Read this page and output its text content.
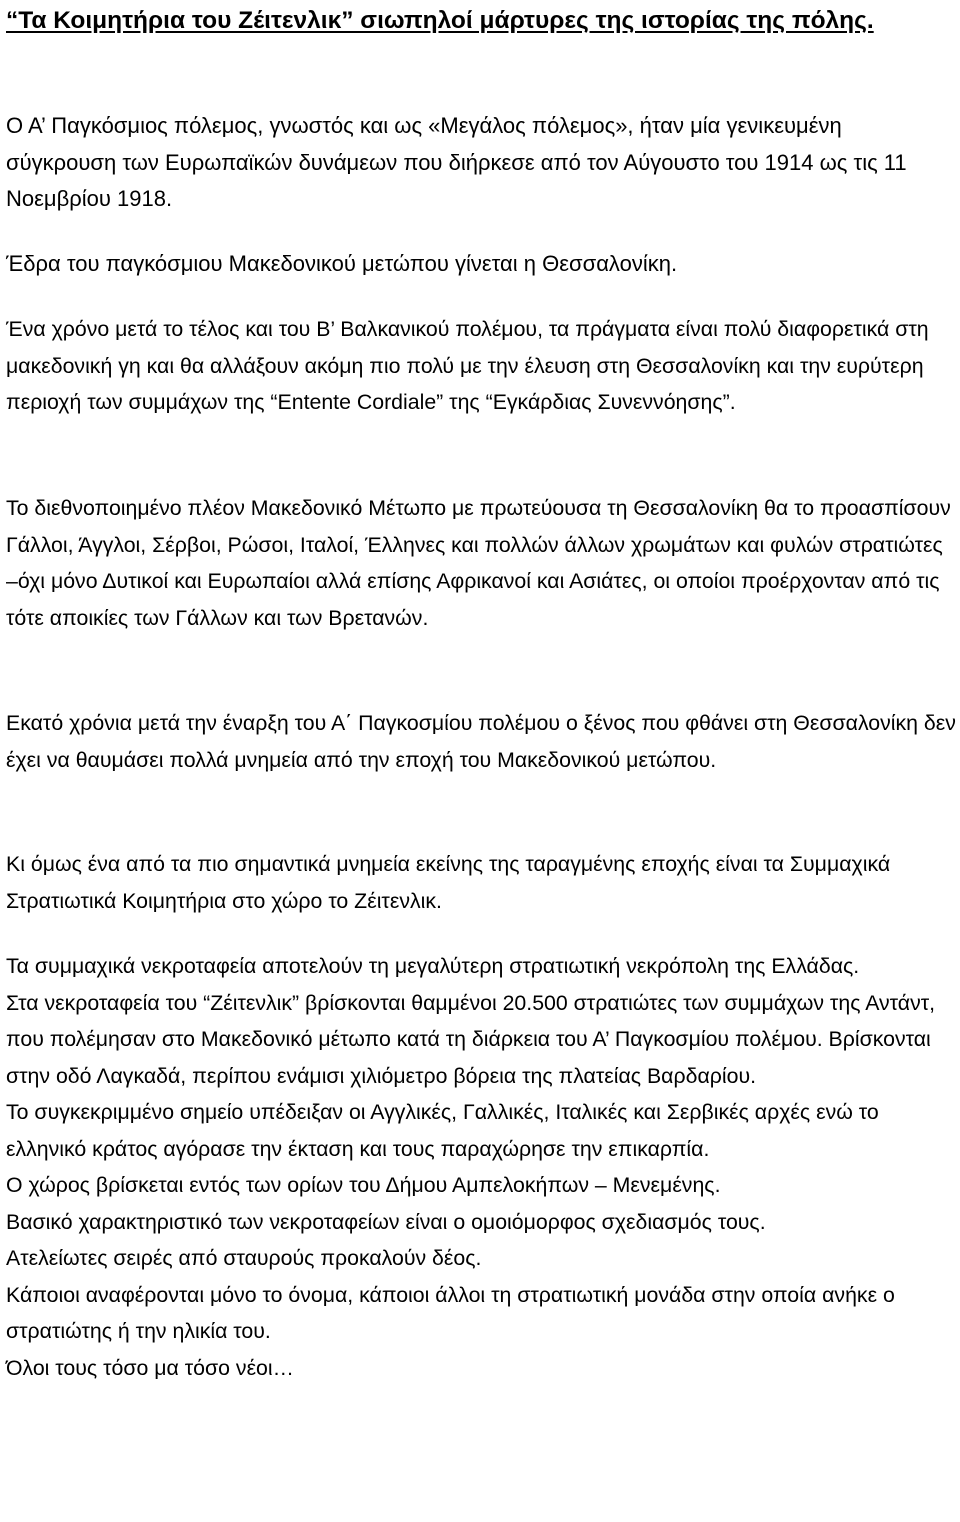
“Τα Κοιμητήρια του Ζέιτενλικ” σιωπηλοί μάρτυρες της ιστορίας της πόλης.

Ο Α’ Παγκόσμιος πόλεμος, γνωστός και ως «Μεγάλος πόλεμος», ήταν μία γενικευμένη σύγκρουση των Ευρωπαϊκών δυνάμεων που διήρκεσε από τον Αύγουστο του 1914 ως τις 11 Νοεμβρίου 1918.

Έδρα του παγκόσμιου Μακεδονικού μετώπου γίνεται η Θεσσαλονίκη.

Ένα χρόνο μετά το τέλος και του Β’ Βαλκανικού πολέμου, τα πράγματα είναι πολύ διαφορετικά στη μακεδονική γη και θα αλλάξουν ακόμη πιο πολύ με την έλευση στη Θεσσαλονίκη και την ευρύτερη περιοχή των συμμάχων της “Entente Cordiale” της “Εγκάρδιας Συνεννόησης”.

Το διεθνοποιημένο πλέον Μακεδονικό Μέτωπο με πρωτεύουσα τη Θεσσαλονίκη θα το προασπίσουν Γάλλοι, Άγγλοι, Σέρβοι, Ρώσοι, Ιταλοί, Έλληνες και πολλών άλλων χρωμάτων και φυλών στρατιώτες –όχι μόνο Δυτικοί και Ευρωπαίοι αλλά επίσης Αφρικανοί και Ασιάτες, οι οποίοι προέρχονταν από τις τότε αποικίες των Γάλλων και των Βρετανών.

Εκατό χρόνια μετά την έναρξη του Α΄ Παγκοσμίου πολέμου ο ξένος που φθάνει στη Θεσσαλονίκη δεν έχει να θαυμάσει πολλά μνημεία από την εποχή του Μακεδονικού μετώπου.

Κι όμως ένα από τα πιο σημαντικά μνημεία εκείνης της ταραγμένης εποχής είναι τα Συμμαχικά Στρατιωτικά Κοιμητήρια στο χώρο το Ζέιτενλικ.

Τα συμμαχικά νεκροταφεία αποτελούν τη μεγαλύτερη στρατιωτική νεκρόπολη της Ελλάδας.
Στα νεκροταφεία του “Ζέιτενλικ” βρίσκονται θαμμένοι 20.500 στρατιώτες των συμμάχων της Αντάντ, που πολέμησαν στο Μακεδονικό μέτωπο κατά τη διάρκεια του Α’ Παγκοσμίου πολέμου. Βρίσκονται στην οδό Λαγκαδά, περίπου ενάμισι χιλιόμετρο βόρεια της πλατείας Βαρδαρίου.
Το συγκεκριμμένο σημείο υπέδειξαν οι Αγγλικές, Γαλλικές, Ιταλικές και Σερβικές αρχές ενώ το ελληνικό κράτος αγόρασε την έκταση και τους παραχώρησε την επικαρπία.
Ο χώρος βρίσκεται εντός των ορίων του Δήμου Αμπελοκήπων – Μενεμένης.
Βασικό χαρακτηριστικό των νεκροταφείων είναι ο ομοιόμορφος σχεδιασμός τους.
Ατελείωτες σειρές από σταυρούς προκαλούν δέος.
Κάποιοι αναφέρονται μόνο το όνομα, κάποιοι άλλοι τη στρατιωτική μονάδα στην οποία ανήκε ο στρατιώτης ή την ηλικία του.
Όλοι τους τόσο μα τόσο νέοι…
